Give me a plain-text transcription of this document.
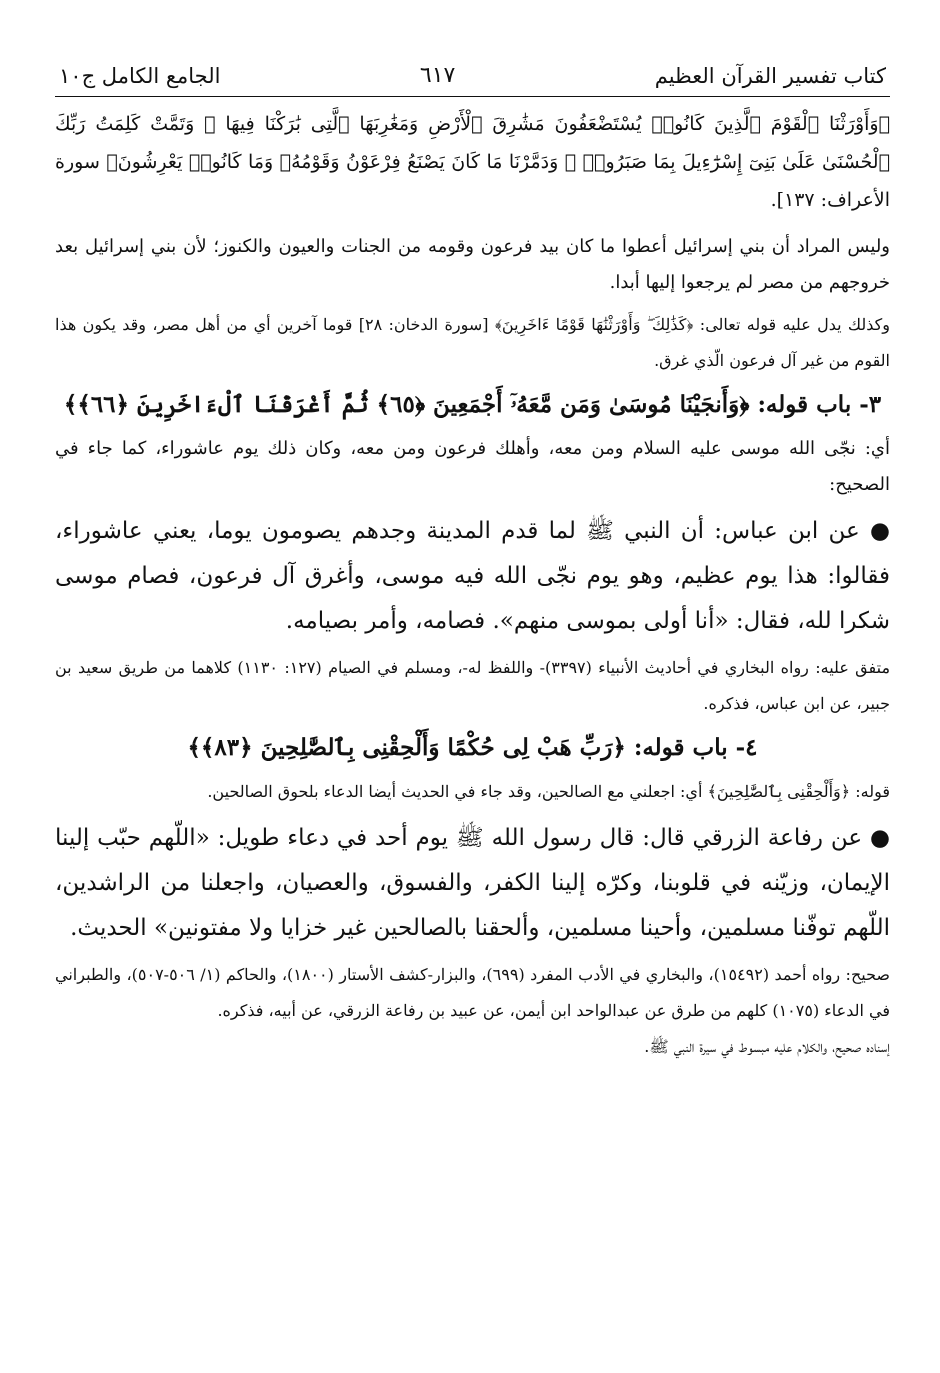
كتاب تفسير القرآن العظيم
٦١٧
الجامع الكامل ج١٠

﴿وَأَوْرَثْنَا ٱلْقَوْمَ ٱلَّذِينَ كَانُوا۟ يُسْتَضْعَفُونَ مَشَٰرِقَ ٱلْأَرْضِ وَمَغَٰرِبَهَا ٱلَّتِى بَٰرَكْنَا فِيهَا ۖ وَتَمَّتْ كَلِمَتُ رَبِّكَ ٱلْحُسْنَىٰ عَلَىٰ بَنِىٓ إِسْرَٰٓءِيلَ بِمَا صَبَرُوا۟ ۖ وَدَمَّرْنَا مَا كَانَ يَصْنَعُ فِرْعَوْنُ وَقَوْمُهُۥ وَمَا كَانُوا۟ يَعْرِشُونَ﴾ سورة الأعراف: ١٣٧].

وليس المراد أن بني إسرائيل أعطوا ما كان بيد فرعون وقومه من الجنات والعيون والكنوز؛ لأن بني إسرائيل بعد خروجهم من مصر لم يرجعوا إليها أبدا.

وكذلك يدل عليه قوله تعالى: ﴿كَذَٰلِكَ ۖ وَأَوْرَثْنَٰهَا قَوْمًا ءَاخَرِينَ﴾ [سورة الدخان: ٢٨] قوما آخرين أي من أهل مصر، وقد يكون هذا القوم من غير آل فرعون الّذي غرق.

٣- باب قوله: ﴿وَأَنجَيْنَا مُوسَىٰ وَمَن مَّعَهُۥٓ أَجْمَعِينَ ﴿٦٥﴾ ثُمَّ أَغْرَقْنَا ٱلْءَاخَرِينَ ﴿٦٦﴾﴾

أي: نجّى الله موسى عليه السلام ومن معه، وأهلك فرعون ومن معه، وكان ذلك يوم عاشوراء، كما جاء في الصحيح:

● عن ابن عباس: أن النبي ﷺ لما قدم المدينة وجدهم يصومون يوما، يعني عاشوراء، فقالوا: هذا يوم عظيم، وهو يوم نجّى الله فيه موسى، وأغرق آل فرعون، فصام موسى شكرا لله، فقال: «أنا أولى بموسى منهم». فصامه، وأمر بصيامه.

متفق عليه: رواه البخاري في أحاديث الأنبياء (٣٣٩٧)- واللفظ له-، ومسلم في الصيام (١٢٧: ١١٣٠) كلاهما من طريق سعيد بن جبير، عن ابن عباس، فذكره.

٤- باب قوله: ﴿رَبِّ هَبْ لِى حُكْمًا وَأَلْحِقْنِى بِٱلصَّٰلِحِينَ ﴿٨٣﴾﴾

قوله: ﴿وَأَلْحِقْنِى بِٱلصَّٰلِحِينَ﴾ أي: اجعلني مع الصالحين، وقد جاء في الحديث أيضا الدعاء بلحوق الصالحين.

● عن رفاعة الزرقي قال: قال رسول الله ﷺ يوم أحد في دعاء طويل: «اللّهم حبّب إلينا الإيمان، وزيّنه في قلوبنا، وكرّه إلينا الكفر، والفسوق، والعصيان، واجعلنا من الراشدين، اللّهم توفّنا مسلمين، وأحينا مسلمين، وألحقنا بالصالحين غير خزايا ولا مفتونين» الحديث.

صحيح: رواه أحمد (١٥٤٩٢)، والبخاري في الأدب المفرد (٦٩٩)، والبزار-كشف الأستار (١٨٠٠)، والحاكم (١/ ٥٠٦-٥٠٧)، والطبراني في الدعاء (١٠٧٥) كلهم من طرق عن عبدالواحد ابن أيمن، عن عبيد بن رفاعة الزرقي، عن أبيه، فذكره.

إسناده صحيح، والكلام عليه مبسوط في سيرة النبي ﷺ.
